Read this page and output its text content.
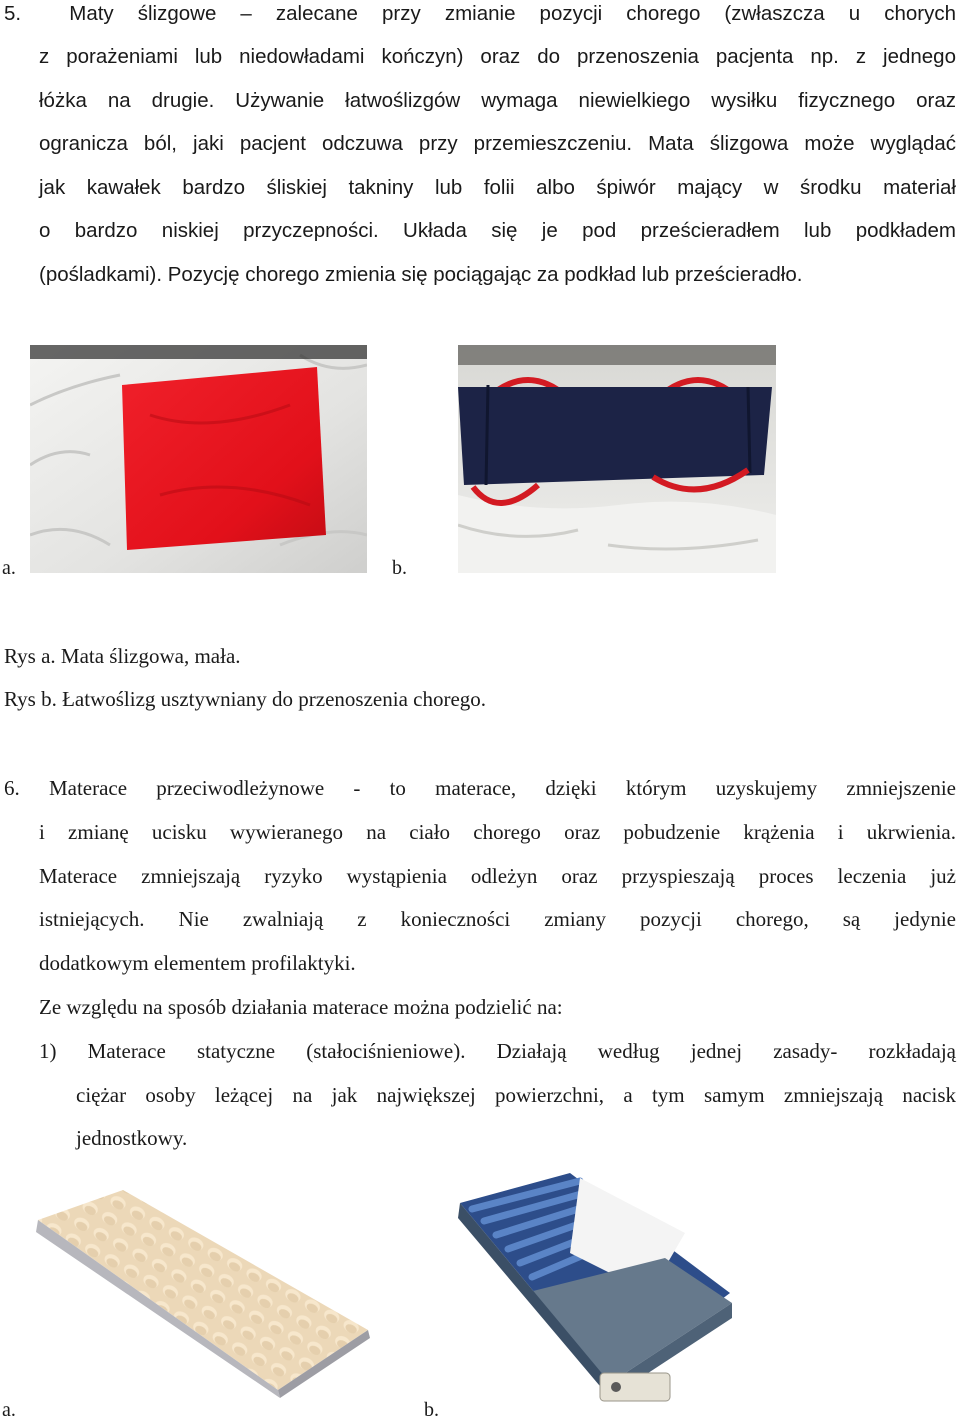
5.  Maty ślizgowe – zalecane przy zmianie pozycji chorego (zwłaszcza u chorych
z porażeniami lub niedowładami kończyn) oraz do przenoszenia pacjenta np. z jednego
łóżka na drugie. Używanie łatwoślizgów wymaga niewielkiego wysiłku fizycznego oraz
ogranicza ból, jaki pacjent odczuwa przy przemieszczeniu. Mata ślizgowa może wyglądać
jak kawałek bardzo śliskiej takniny lub folii albo śpiwór mający w środku materiał
o bardzo niskiej przyczepności. Układa się je pod prześcieradłem lub podkładem
(pośladkami). Pozycję chorego zmienia się pociągając za podkład lub prześcieradło.
a.	b.
Rys a. Mata ślizgowa, mała.
Rys b. Łatwoślizg usztywniany do przenoszenia chorego.
6. Materace przeciwodleżynowe - to materace, dzięki którym uzyskujemy zmniejszenie
i zmianę ucisku wywieranego na ciało chorego oraz pobudzenie krążenia i ukrwienia.
Materace zmniejszają ryzyko wystąpienia odleżyn oraz przyspieszają proces leczenia już
istniejących. Nie zwalniają z konieczności zmiany pozycji chorego, są jedynie
dodatkowym elementem profilaktyki.
Ze względu na sposób działania materace można podzielić na:
1) Materace statyczne (stałociśnieniowe). Działają według jednej zasady- rozkładają
ciężar osoby leżącej na jak największej powierzchni, a tym samym zmniejszają nacisk
jednostkowy.
a.	b.
